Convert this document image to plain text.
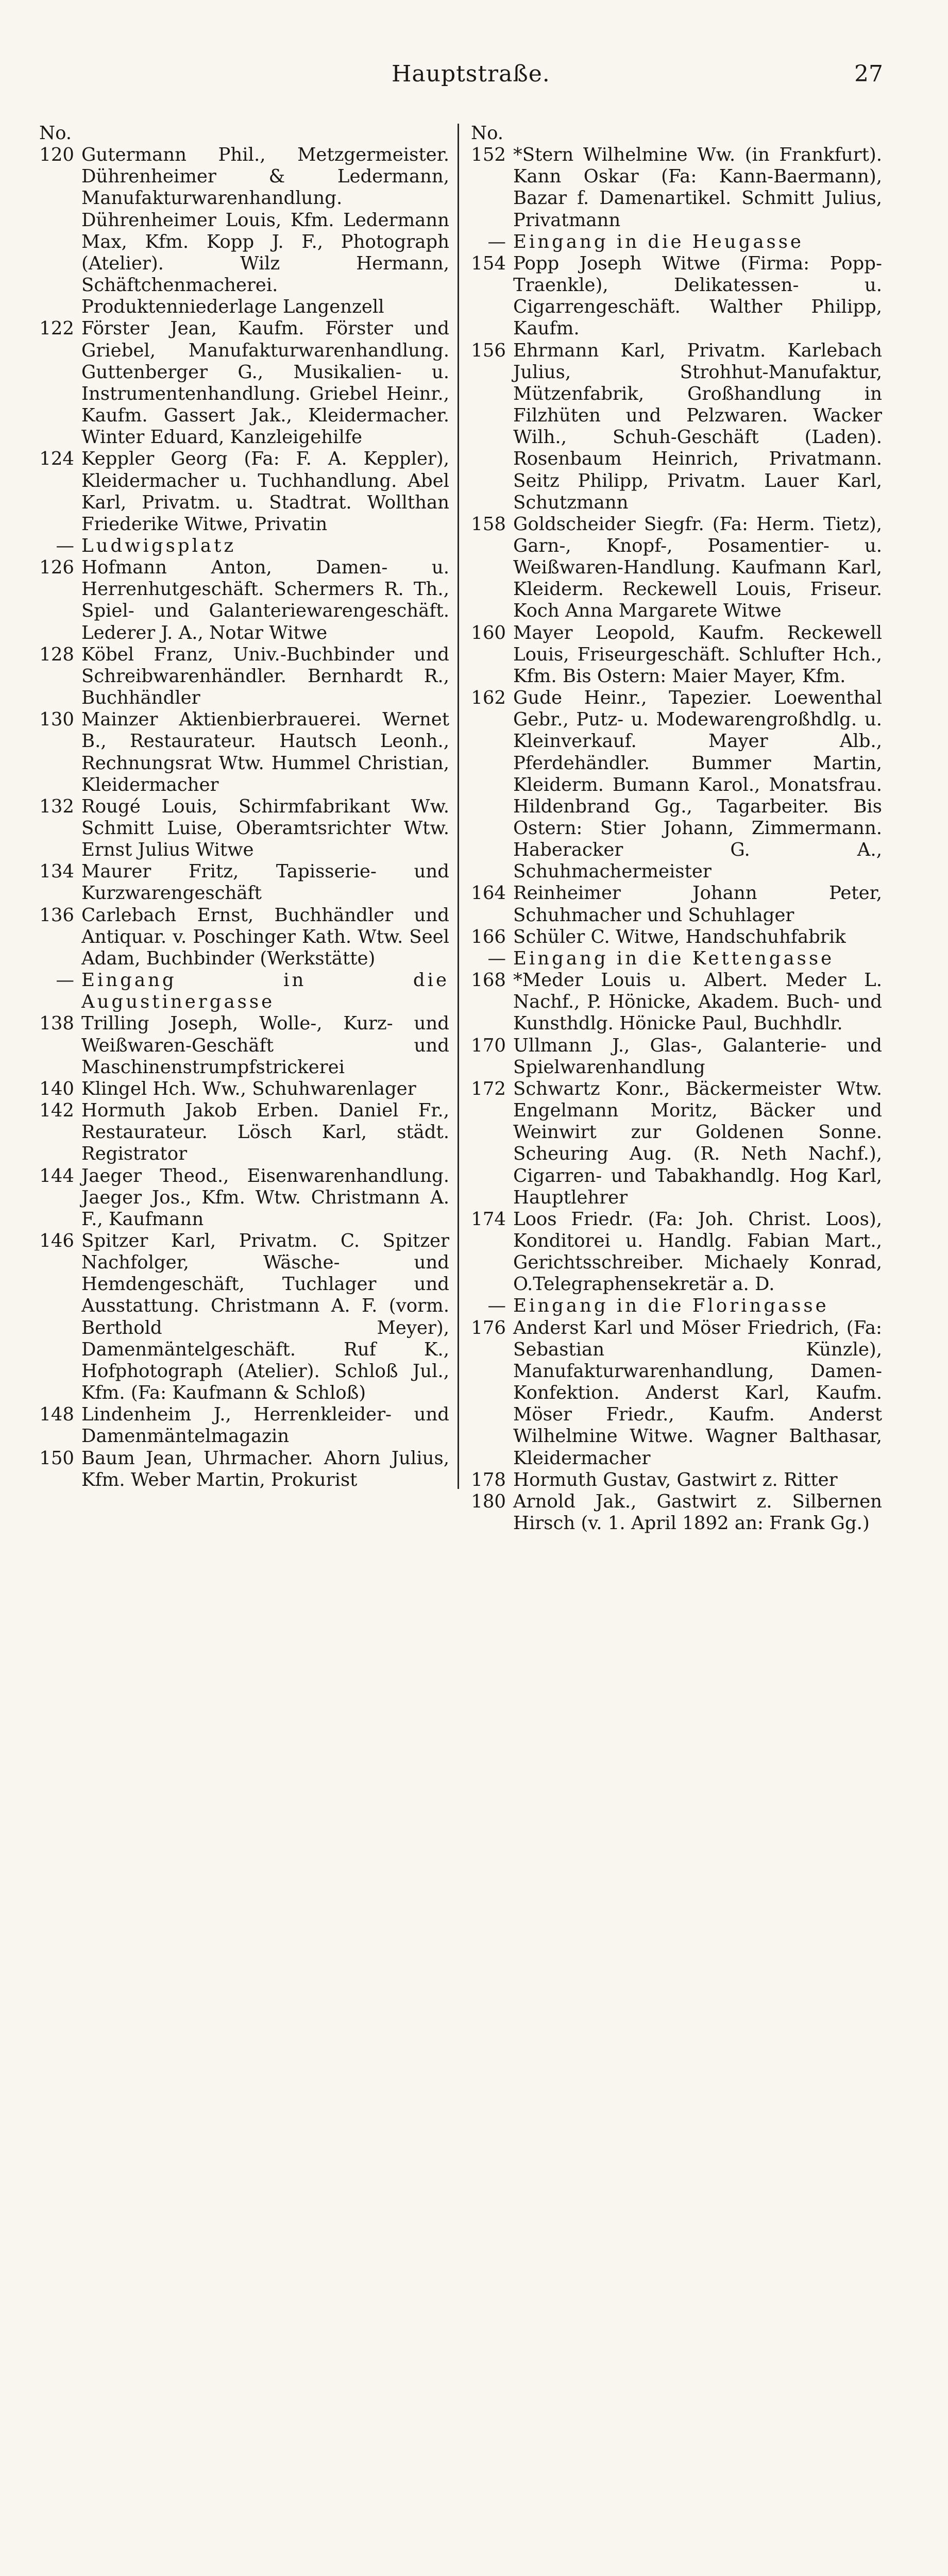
Hauptstraße.	27
No.
120 Gutermann Phil., Metzgermeister. Dührenheimer & Ledermann, Manufakturwarenhandlung. Dührenheimer Louis, Kfm. Ledermann Max, Kfm. Kopp J. F., Photograph (Atelier). Wilz Hermann, Schäftchenmacherei. Produktenniederlage Langenzell
122 Förster Jean, Kaufm. Förster und Griebel, Manufakturwarenhandlung. Guttenberger G., Musikalien- u. Instrumentenhandlung. Griebel Heinr., Kaufm. Gassert Jak., Kleidermacher. Winter Eduard, Kanzleigehilfe
124 Keppler Georg (Fa: F. A. Keppler), Kleidermacher u. Tuchhandlung. Abel Karl, Privatm. u. Stadtrat. Wollthan Friederike Witwe, Privatin
— Ludwigsplatz
126 Hofmann Anton, Damen- u. Herrenhutgeschäft. Schermers R. Th., Spiel- und Galanteriewarengeschäft. Lederer J. A., Notar Witwe
128 Köbel Franz, Univ.-Buchbinder und Schreibwarenhändler. Bernhardt R., Buchhändler
130 Mainzer Aktienbierbrauerei. Wernet B., Restaurateur. Hautsch Leonh., Rechnungsrat Wtw. Hummel Christian, Kleidermacher
132 Rougé Louis, Schirmfabrikant Ww. Schmitt Luise, Oberamtsrichter Wtw. Ernst Julius Witwe
134 Maurer Fritz, Tapisserie- und Kurzwarengeschäft
136 Carlebach Ernst, Buchhändler und Antiquar. v. Poschinger Kath. Wtw. Seel Adam, Buchbinder (Werkstätte)
— Eingang in die Augustinergasse
138 Trilling Joseph, Wolle-, Kurz- und Weißwaren-Geschäft und Maschinenstrumpfstrickerei
140 Klingel Hch. Ww., Schuhwarenlager
142 Hormuth Jakob Erben. Daniel Fr., Restaurateur. Lösch Karl, städt. Registrator
144 Jaeger Theod., Eisenwarenhandlung. Jaeger Jos., Kfm. Wtw. Christmann A. F., Kaufmann
146 Spitzer Karl, Privatm. C. Spitzer Nachfolger, Wäsche- und Hemdengeschäft, Tuchlager und Ausstattung. Christmann A. F. (vorm. Berthold Meyer), Damenmäntelgeschäft. Ruf K., Hofphotograph (Atelier). Schloß Jul., Kfm. (Fa: Kaufmann & Schloß)
148 Lindenheim J., Herrenkleider- und Damenmäntelmagazin
150 Baum Jean, Uhrmacher. Ahorn Julius, Kfm. Weber Martin, Prokurist
No.
152 *Stern Wilhelmine Ww. (in Frankfurt). Kann Oskar (Fa: Kann-Baermann), Bazar f. Damenartikel. Schmitt Julius, Privatmann
— Eingang in die Heugasse
154 Popp Joseph Witwe (Firma: Popp-Traenkle), Delikatessen- u. Cigarrengeschäft. Walther Philipp, Kaufm.
156 Ehrmann Karl, Privatm. Karlebach Julius, Strohhut-Manufaktur, Mützenfabrik, Großhandlung in Filzhüten und Pelzwaren. Wacker Wilh., Schuh-Geschäft (Laden). Rosenbaum Heinrich, Privatmann. Seitz Philipp, Privatm. Lauer Karl, Schutzmann
158 Goldscheider Siegfr. (Fa: Herm. Tietz), Garn-, Knopf-, Posamentier- u. Weißwaren-Handlung. Kaufmann Karl, Kleiderm. Reckewell Louis, Friseur. Koch Anna Margarete Witwe
160 Mayer Leopold, Kaufm. Reckewell Louis, Friseurgeschäft. Schlufter Hch., Kfm. Bis Ostern: Maier Mayer, Kfm.
162 Gude Heinr., Tapezier. Loewenthal Gebr., Putz- u. Modewarengroßhdlg. u. Kleinverkauf. Mayer Alb., Pferdehändler. Bummer Martin, Kleiderm. Bumann Karol., Monatsfrau. Hildenbrand Gg., Tagarbeiter. Bis Ostern: Stier Johann, Zimmermann. Haberacker G. A., Schuhmachermeister
164 Reinheimer Johann Peter, Schuhmacher und Schuhlager
166 Schüler C. Witwe, Handschuhfabrik
— Eingang in die Kettengasse
168 *Meder Louis u. Albert. Meder L. Nachf., P. Hönicke, Akadem. Buch- und Kunsthdlg. Hönicke Paul, Buchhdlr.
170 Ullmann J., Glas-, Galanterie- und Spielwarenhandlung
172 Schwartz Konr., Bäckermeister Wtw. Engelmann Moritz, Bäcker und Weinwirt zur Goldenen Sonne. Scheuring Aug. (R. Neth Nachf.), Cigarren- und Tabakhandlg. Hog Karl, Hauptlehrer
174 Loos Friedr. (Fa: Joh. Christ. Loos), Konditorei u. Handlg. Fabian Mart., Gerichtsschreiber. Michaely Konrad, O.Telegraphensekretär a. D.
— Eingang in die Floringasse
176 Anderst Karl und Möser Friedrich, (Fa: Sebastian Künzle), Manufakturwarenhandlung, Damen-Konfektion. Anderst Karl, Kaufm. Möser Friedr., Kaufm. Anderst Wilhelmine Witwe. Wagner Balthasar, Kleidermacher
178 Hormuth Gustav, Gastwirt z. Ritter
180 Arnold Jak., Gastwirt z. Silbernen Hirsch (v. 1. April 1892 an: Frank Gg.)
